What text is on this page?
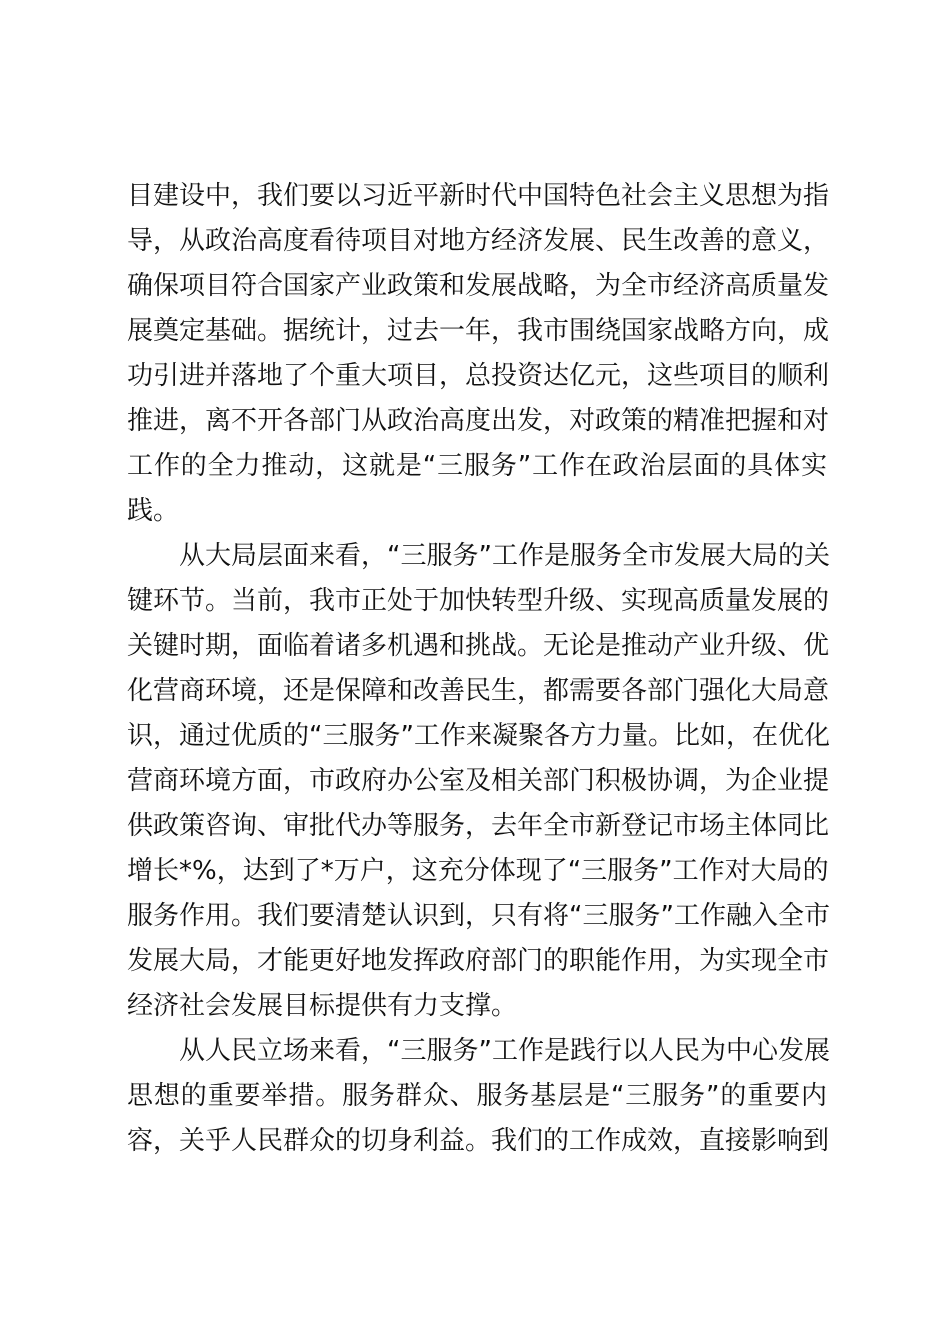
目建设中，我们要以习近平新时代中国特色社会主义思想为指
导，从政治高度看待项目对地方经济发展、民生改善的意义，
确保项目符合国家产业政策和发展战略，为全市经济高质量发
展奠定基础。据统计，过去一年，我市围绕国家战略方向，成
功引进并落地了个重大项目，总投资达亿元，这些项目的顺利
推进，离不开各部门从政治高度出发，对政策的精准把握和对
工作的全力推动，这就是“三服务”工作在政治层面的具体实
践。
从大局层面来看，“三服务”工作是服务全市发展大局的关
键环节。当前，我市正处于加快转型升级、实现高质量发展的
关键时期，面临着诸多机遇和挑战。无论是推动产业升级、优
化营商环境，还是保障和改善民生，都需要各部门强化大局意
识，通过优质的“三服务”工作来凝聚各方力量。比如，在优化
营商环境方面，市政府办公室及相关部门积极协调，为企业提
供政策咨询、审批代办等服务，去年全市新登记市场主体同比
增长*%，达到了*万户，这充分体现了“三服务”工作对大局的
服务作用。我们要清楚认识到，只有将“三服务”工作融入全市
发展大局，才能更好地发挥政府部门的职能作用，为实现全市
经济社会发展目标提供有力支撑。
从人民立场来看，“三服务”工作是践行以人民为中心发展
思想的重要举措。服务群众、服务基层是“三服务”的重要内
容，关乎人民群众的切身利益。我们的工作成效，直接影响到
